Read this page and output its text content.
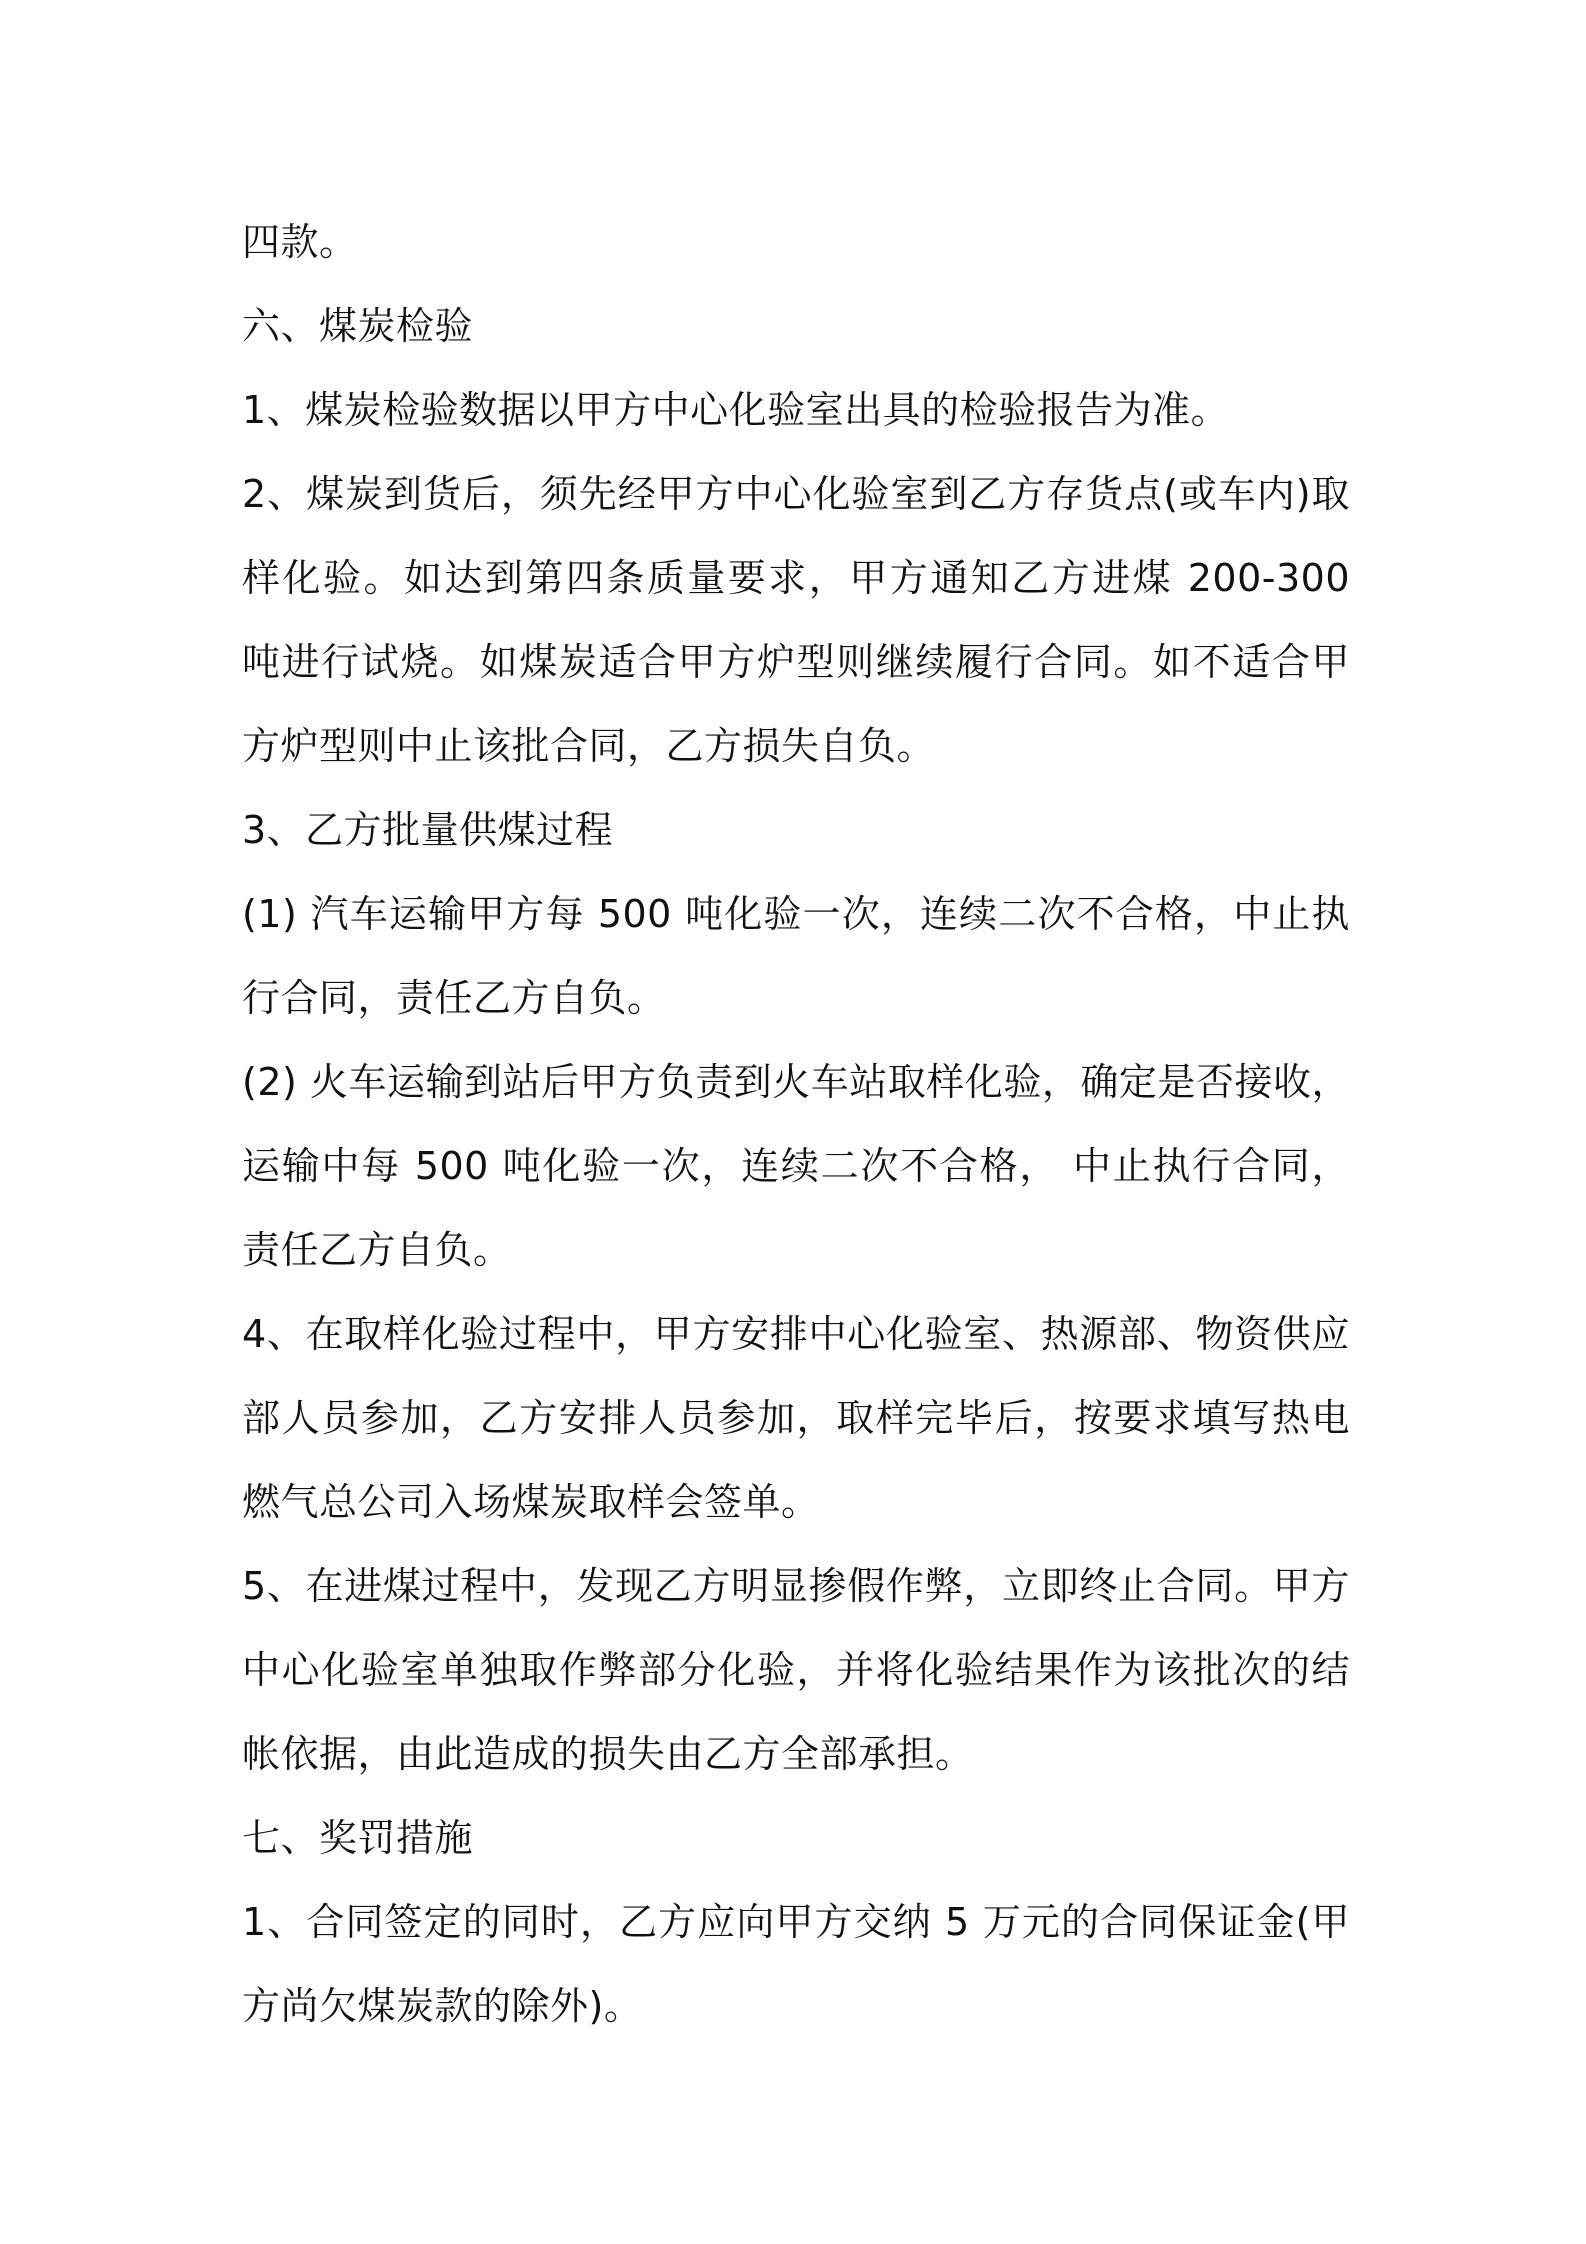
四款。

六、煤炭检验

1、煤炭检验数据以甲方中心化验室出具的检验报告为准。

2、煤炭到货后，须先经甲方中心化验室到乙方存货点(或车内)取样化验。如达到第四条质量要求，甲方通知乙方进煤 200-300 吨进行试烧。如煤炭适合甲方炉型则继续履行合同。如不适合甲方炉型则中止该批合同，乙方损失自负。

3、乙方批量供煤过程

(1) 汽车运输甲方每 500 吨化验一次，连续二次不合格，中止执行合同，责任乙方自负。

(2) 火车运输到站后甲方负责到火车站取样化验，确定是否接收， 运输中每 500 吨化验一次，连续二次不合格， 中止执行合同，责任乙方自负。

4、在取样化验过程中，甲方安排中心化验室、热源部、物资供应部人员参加，乙方安排人员参加，取样完毕后，按要求填写热电燃气总公司入场煤炭取样会签单。

5、在进煤过程中，发现乙方明显掺假作弊，立即终止合同。甲方中心化验室单独取作弊部分化验，并将化验结果作为该批次的结帐依据，由此造成的损失由乙方全部承担。

七、奖罚措施

1、合同签定的同时，乙方应向甲方交纳 5 万元的合同保证金(甲方尚欠煤炭款的除外)。
